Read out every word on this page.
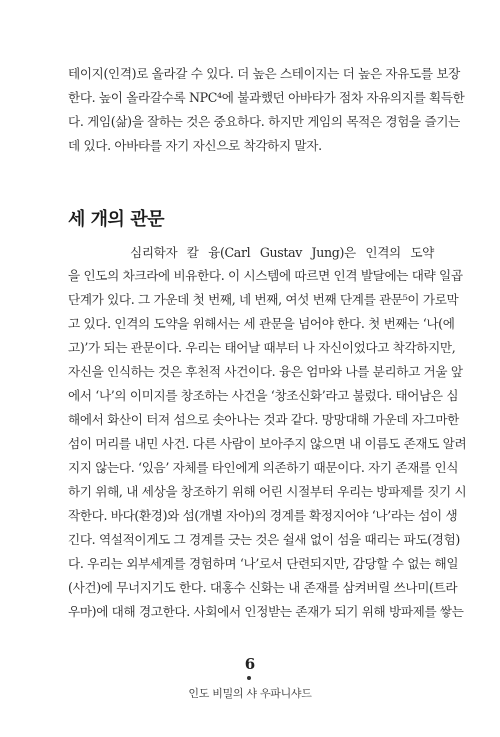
테이지(인격)로 올라갈 수 있다. 더 높은 스테이지는 더 높은 자유도를 보장
한다. 높이 올라갈수록 NPC⁴에 불과했던 아바타가 점차 자유의지를 획득한
다. 게임(삶)을 잘하는 것은 중요하다. 하지만 게임의 목적은 경험을 즐기는
데 있다. 아바타를 자기 자신으로 착각하지 말자.
세 개의 관문
심리학자 칼 융(Carl Gustav Jung)은 인격의 도약
을 인도의 차크라에 비유한다. 이 시스템에 따르면 인격 발달에는 대략 일곱
단계가 있다. 그 가운데 첫 번째, 네 번째, 여섯 번째 단계를 관문⁵이 가로막
고 있다. 인격의 도약을 위해서는 세 관문을 넘어야 한다. 첫 번째는 ‘나(에
고)’가 되는 관문이다. 우리는 태어날 때부터 나 자신이었다고 착각하지만,
자신을 인식하는 것은 후천적 사건이다. 융은 엄마와 나를 분리하고 거울 앞
에서 ‘나’의 이미지를 창조하는 사건을 ‘창조신화’라고 불렀다. 태어남은 심
해에서 화산이 터져 섬으로 솟아나는 것과 같다. 망망대해 가운데 자그마한
섬이 머리를 내민 사건. 다른 사람이 보아주지 않으면 내 이름도 존재도 알려
지지 않는다. ‘있음’ 자체를 타인에게 의존하기 때문이다. 자기 존재를 인식
하기 위해, 내 세상을 창조하기 위해 어린 시절부터 우리는 방파제를 짓기 시
작한다. 바다(환경)와 섬(개별 자아)의 경계를 확정지어야 ‘나’라는 섬이 생
긴다. 역설적이게도 그 경계를 긋는 것은 쉴새 없이 섬을 때리는 파도(경험)
다. 우리는 외부세계를 경험하며 ‘나’로서 단련되지만, 감당할 수 없는 해일
(사건)에 무너지기도 한다. 대홍수 신화는 내 존재를 삼켜버릴 쓰나미(트라
우마)에 대해 경고한다. 사회에서 인정받는 존재가 되기 위해 방파제를 쌓는
6
인도 비밀의 샤 우파니샤드
